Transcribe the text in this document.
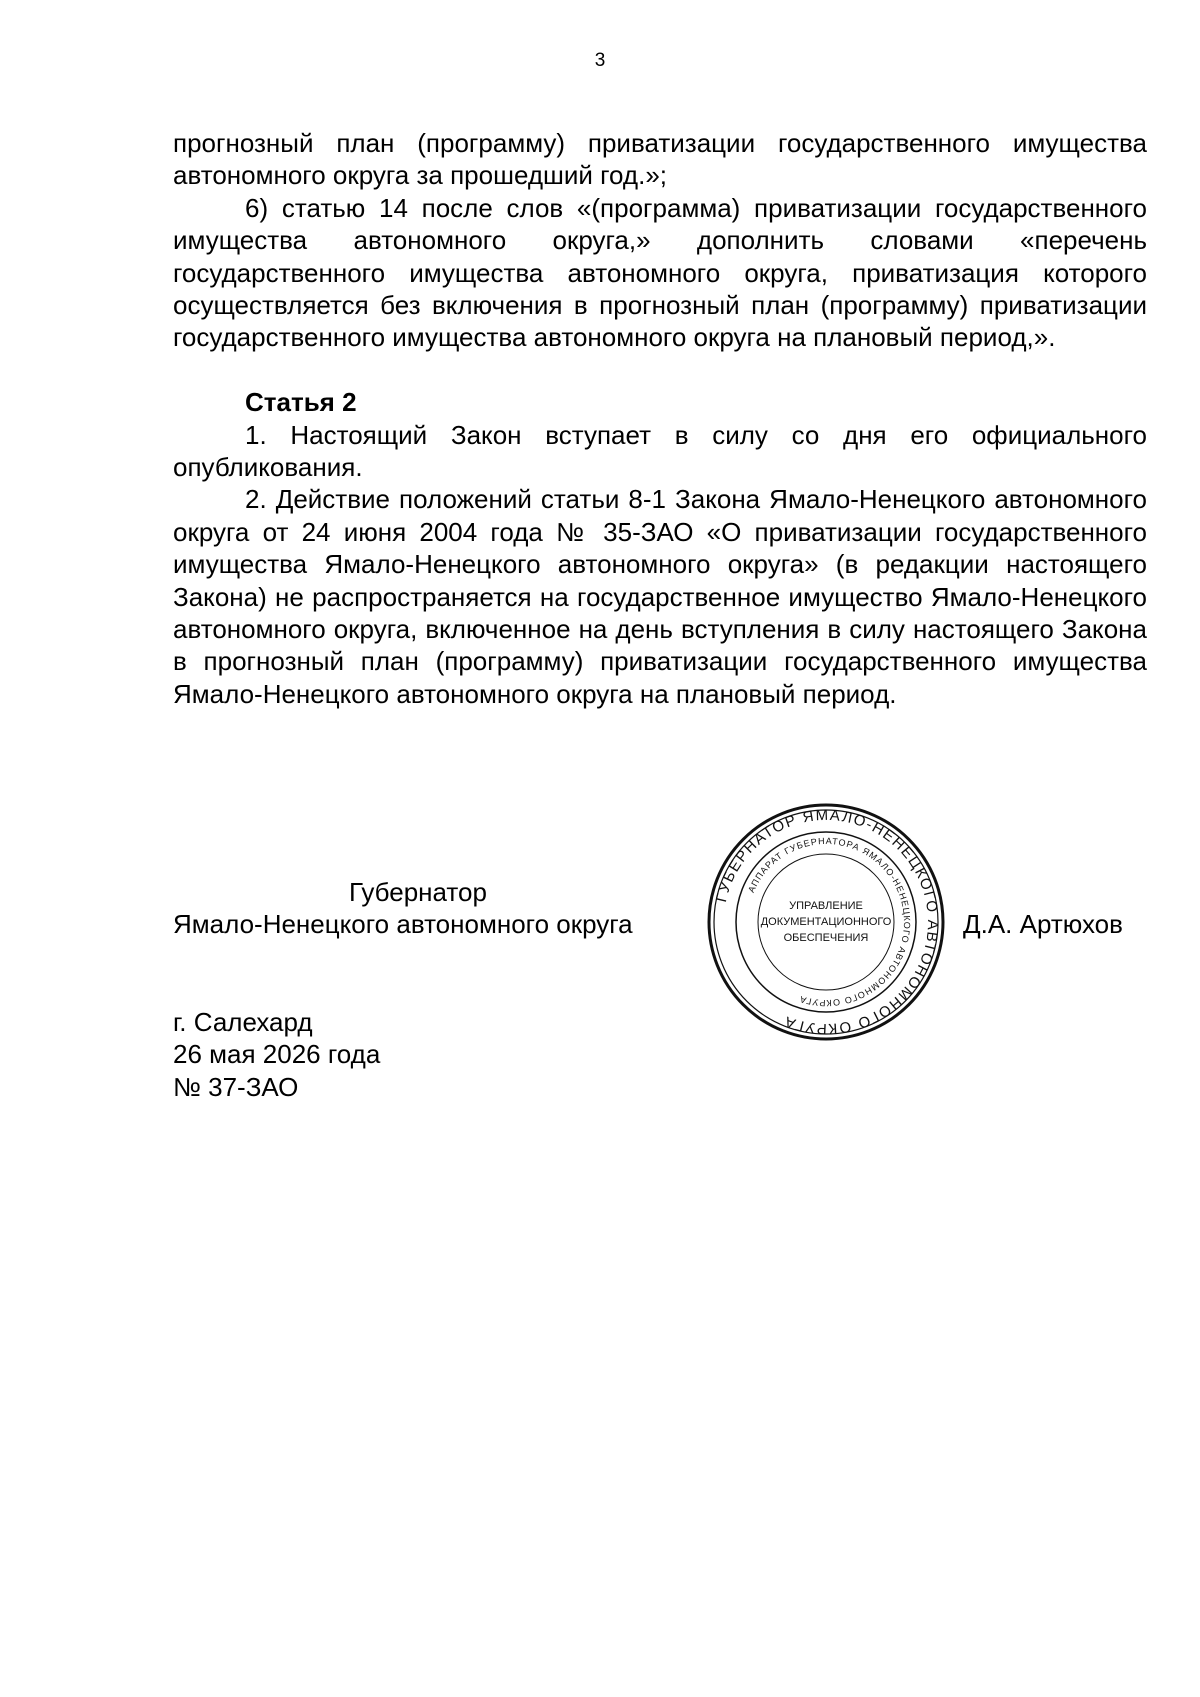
3

прогнозный план (программу) приватизации государственного имущества автономного округа за прошедший год.»;

6) статью 14 после слов «(программа) приватизации государственного имущества автономного округа,» дополнить словами «перечень государственного имущества автономного округа, приватизация которого осуществляется без включения в прогнозный план (программу) приватизации государственного имущества автономного округа на плановый период,».

Статья 2

1. Настоящий Закон вступает в силу со дня его официального опубликования.

2. Действие положений статьи 8-1 Закона Ямало-Ненецкого автономного округа от 24 июня 2004 года № 35-ЗАО «О приватизации государственного имущества Ямало-Ненецкого автономного округа» (в редакции настоящего Закона) не распространяется на государственное имущество Ямало-Ненецкого автономного округа, включенное на день вступления в силу настоящего Закона в прогнозный план (программу) приватизации государственного имущества Ямало-Ненецкого автономного округа на плановый период.

Губернатор
Ямало-Ненецкого автономного округа	Д.А. Артюхов
ГУБЕРНАТОР ЯМАЛО-НЕНЕЦКОГО АВТОНОМНОГО ОКРУГА
АППАРАТ ГУБЕРНАТОРА ЯМАЛО-НЕНЕЦКОГО АВТОНОМНОГО ОКРУГА
УПРАВЛЕНИЕ
ДОКУМЕНТАЦИОННОГО
ОБЕСПЕЧЕНИЯ
г. Салехард
26 мая 2026 года
№ 37-ЗАО
